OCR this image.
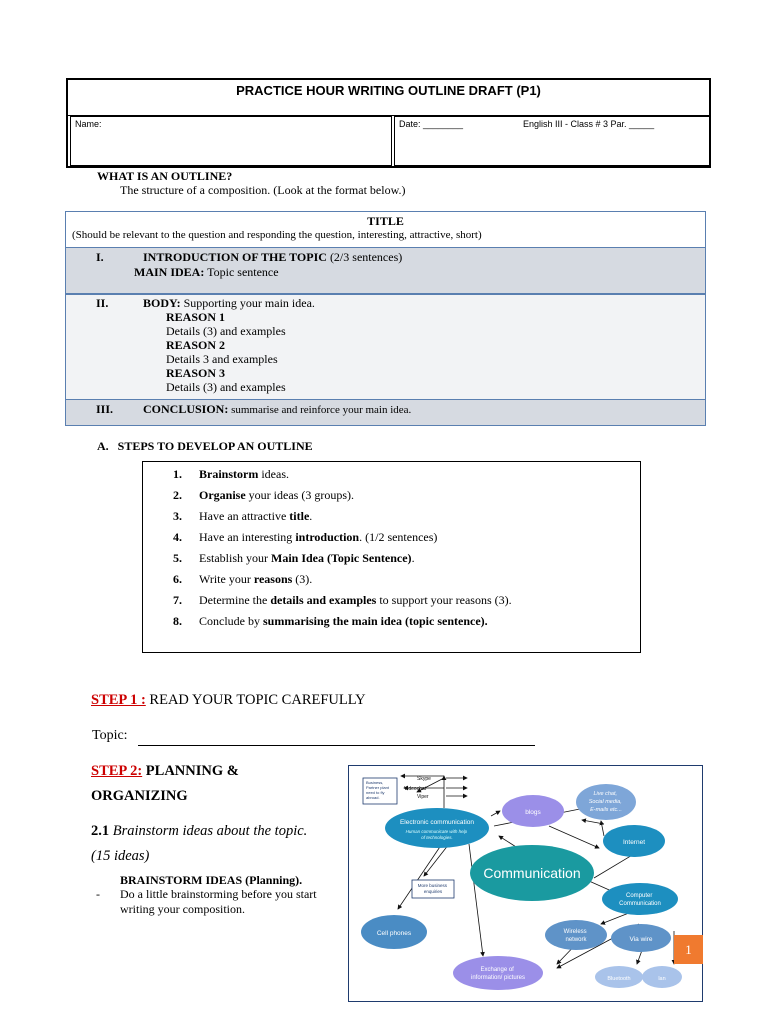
PRACTICE HOUR WRITING OUTLINE DRAFT (P1)
Name:	Date: ________	English III - Class # 3 Par. _____
WHAT IS AN OUTLINE?
The structure of a composition. (Look at the format below.)
TITLE
(Should be relevant to the question and responding the question, interesting, attractive, short)
I.	INTRODUCTION OF THE TOPIC (2/3 sentences)
MAIN IDEA: Topic sentence
II.	BODY: Supporting your main idea.
REASON 1
Details (3) and examples
REASON 2
Details 3 and examples
REASON 3
Details (3) and examples
III. CONCLUSION: summarise and reinforce your main idea.
A.   STEPS TO DEVELOP AN OUTLINE
1. Brainstorm ideas.
2. Organise your ideas (3 groups).
3. Have an attractive title.
4. Have an interesting introduction. (1/2 sentences)
5. Establish your Main Idea (Topic Sentence).
6. Write your reasons (3).
7. Determine the details and examples to support your reasons (3).
8. Conclude by summarising the main idea (topic sentence).
STEP 1 : READ YOUR TOPIC CAREFULLY
Topic:
STEP 2: PLANNING &
ORGANIZING
2.1 Brainstorm ideas about the topic.
(15 ideas)
BRAINSTORM IDEAS (Planning).
- Do a little brainstorming before you start
writing your composition.
Business, Partner plant need to fly abroad.
Skype Videochat Viper
Electronic communication
Human communicate with help of technologies.
blogs
Live chat, Social media, E-mails etc...
Internet
Communication
More business enquiries
Computer Communication
Cell phones	Wireless network	Via wire
Exchange of information/ pictures	Bluetooth	lan
1
